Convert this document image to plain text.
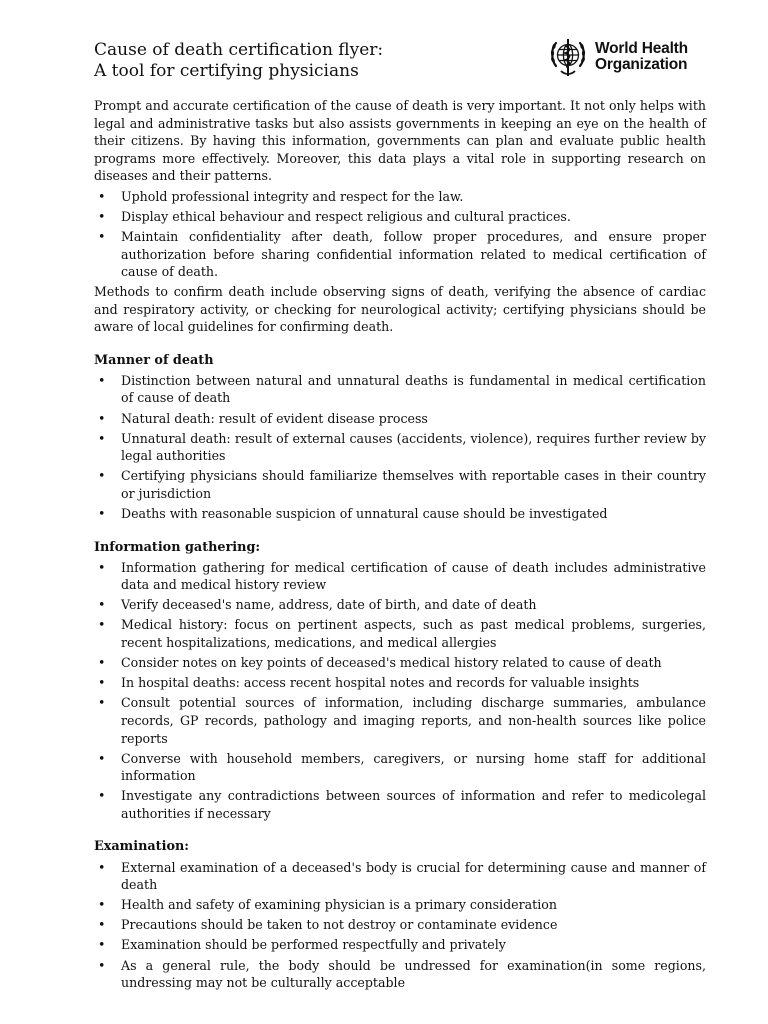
Cause of death certification flyer:
A tool for certifying physicians
World Health
Organization

Prompt and accurate certification of the cause of death is very important. It not only helps with legal and administrative tasks but also assists governments in keeping an eye on the health of their citizens. By having this information, governments can plan and evaluate public health programs more effectively. Moreover, this data plays a vital role in supporting research on diseases and their patterns.

• Uphold professional integrity and respect for the law.
• Display ethical behaviour and respect religious and cultural practices.
• Maintain confidentiality after death, follow proper procedures, and ensure proper authorization before sharing confidential information related to medical certification of cause of death.

Methods to confirm death include observing signs of death, verifying the absence of cardiac and respiratory activity, or checking for neurological activity; certifying physicians should be aware of local guidelines for confirming death.

Manner of death
• Distinction between natural and unnatural deaths is fundamental in medical certification of cause of death
• Natural death: result of evident disease process
• Unnatural death: result of external causes (accidents, violence), requires further review by legal authorities
• Certifying physicians should familiarize themselves with reportable cases in their country or jurisdiction
• Deaths with reasonable suspicion of unnatural cause should be investigated
Information gathering:
• Information gathering for medical certification of cause of death includes administrative data and medical history review
• Verify deceased's name, address, date of birth, and date of death
• Medical history: focus on pertinent aspects, such as past medical problems, surgeries, recent hospitalizations, medications, and medical allergies
• Consider notes on key points of deceased's medical history related to cause of death
• In hospital deaths: access recent hospital notes and records for valuable insights
• Consult potential sources of information, including discharge summaries, ambulance records, GP records, pathology and imaging reports, and non-health sources like police reports
• Converse with household members, caregivers, or nursing home staff for additional information
• Investigate any contradictions between sources of information and refer to medicolegal authorities if necessary
Examination:
• External examination of a deceased's body is crucial for determining cause and manner of death
• Health and safety of examining physician is a primary consideration
• Precautions should be taken to not destroy or contaminate evidence
• Examination should be performed respectfully and privately
• As a general rule, the body should be undressed for examination(in some regions, undressing may not be culturally acceptable
